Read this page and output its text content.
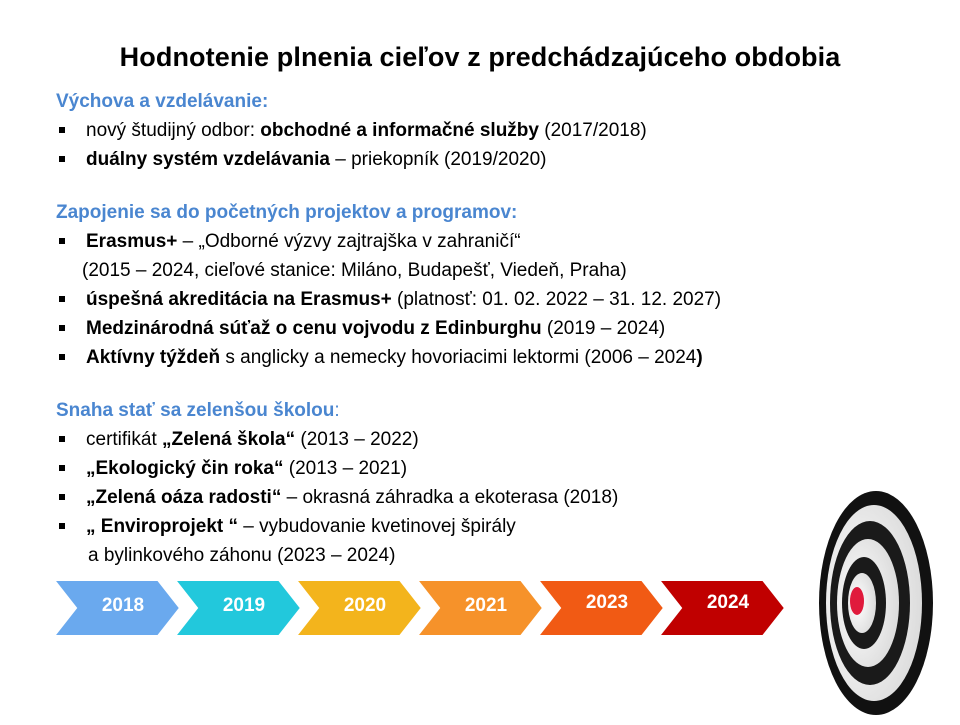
Hodnotenie plnenia cieľov z predchádzajúceho obdobia
Výchova a vzdelávanie:
nový študijný odbor: obchodné a informačné služby (2017/2018)
duálny systém vzdelávania – priekopník (2019/2020)
Zapojenie sa do početných projektov a programov:
Erasmus+ – „Odborné výzvy zajtrajška v zahraničí“
(2015 – 2024, cieľové stanice: Miláno, Budapešť, Viedeň, Praha)
úspešná akreditácia na Erasmus+ (platnosť: 01. 02. 2022 – 31. 12. 2027)
Medzinárodná súťaž o cenu vojvodu z Edinburghu (2019 – 2024)
Aktívny týždeň s anglicky a nemecky hovoriacimi lektormi (2006 – 2024)
Snaha stať sa zelenšou školou:
certifikát „Zelená škola“ (2013 – 2022)
„Ekologický čin roka“ (2013 – 2021)
„Zelená oáza radosti“ – okrasná záhradka a ekoterasa (2018)
„ Enviroprojekt “ – vybudovanie kvetinovej špirály
a bylinkového záhonu (2023 – 2024)
2018	2019	2020	2021	2023	2024
